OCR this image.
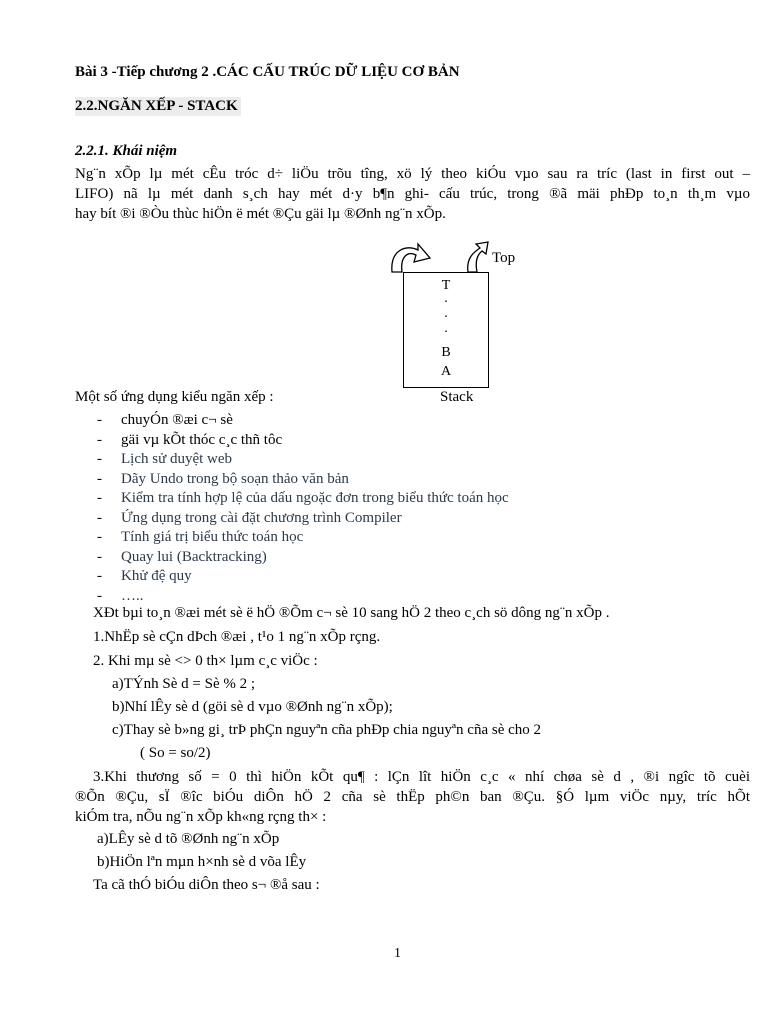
Bài 3 -Tiếp chương 2 .CÁC CẤU TRÚC DỮ LIỆU CƠ BẢN
2.2.NGĂN XẾP - STACK
2.2.1. Khái niệm
Ng¨n xÕp lµ mét cÊu tróc d÷ liÖu trõu tîng, xö lý theo kiÓu vµo sau ra tríc (last in first out –
LIFO) nã lµ mét danh s¸ch hay mét d·y b¶n ghi- cấu trúc, trong ®ã mäi phÐp to¸n th¸m vµo
hay bít ®i ®Òu thùc hiÖn ë mét ®Çu gäi lµ ®Ønh ng¨n xÕp.
Top
T
.
.
.
B
A
Stack
Một số ứng dụng kiểu ngăn xếp :
- chuyÓn ®æi c¬ sè
- gäi vµ kÕt thóc c¸c thñ tôc
- Lịch sử duyệt web
- Dãy Undo trong bộ soạn thảo văn bản
- Kiểm tra tính hợp lệ của dấu ngoặc đơn trong biểu thức toán học
- Ứng dụng trong cài đặt chương trình Compiler
- Tính giá trị biểu thức toán học
- Quay lui (Backtracking)
- Khử đệ quy
- …..
XÐt bµi to¸n ®æi mét sè ë hÖ ®Õm c¬ sè 10 sang hÖ 2 theo c¸ch sö dông ng¨n xÕp .
1.NhËp sè cÇn dÞch ®æi , t¹o 1 ng¨n xÕp rçng.
2. Khi mµ sè <> 0 th× lµm c¸c viÖc :
a)TÝnh Sè d = Sè % 2 ;
b)Nhí lÊy sè d (göi sè d vµo ®Ønh ng¨n xÕp);
c)Thay sè b»ng gi¸ trÞ phÇn nguyªn cña phÐp chia nguyªn cña sè cho 2
( So = so/2)
3.Khi thương số = 0 thì hiÖn kÕt qu¶ : lÇn lît hiÖn c¸c « nhí chøa sè d , ®i ngîc tõ cuèi
®Õn ®Çu, sÏ ®îc biÓu diÔn hÖ 2 cña sè thËp ph©n ban ®Çu. §Ó lµm viÖc nµy, tríc hÕt
kiÓm tra, nÕu ng¨n xÕp kh«ng rçng th× :
a)LÊy sè d tõ ®Ønh ng¨n xÕp
b)HiÖn lªn mµn h×nh sè d võa lÊy
Ta cã thÓ biÓu diÔn theo s¬ ®å sau :
1
